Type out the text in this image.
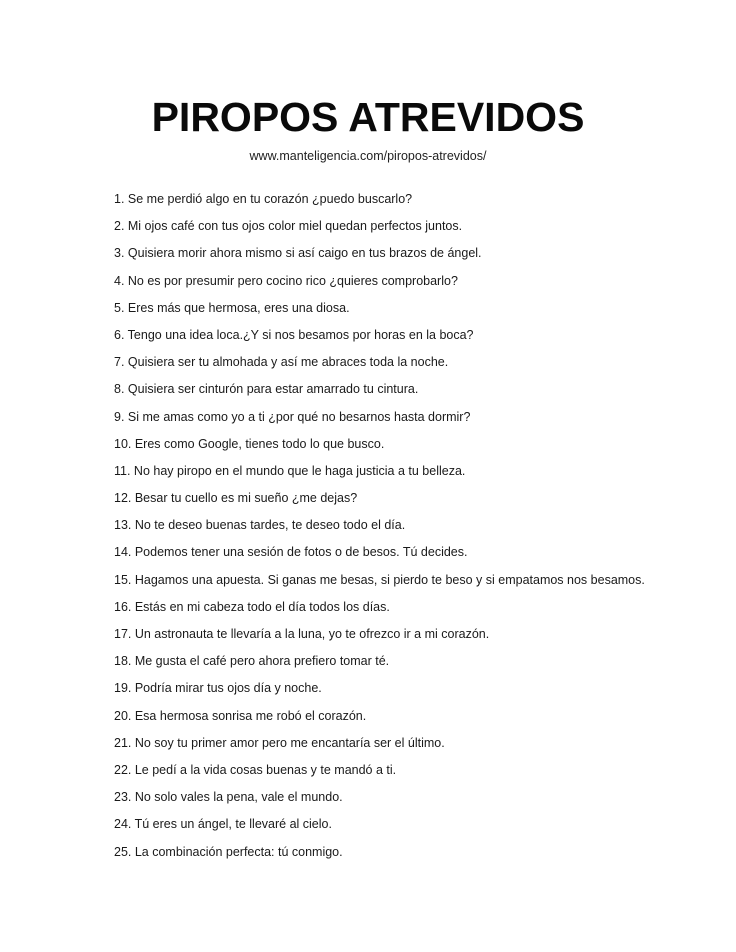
PIROPOS ATREVIDOS
www.manteligencia.com/piropos-atrevidos/
1. Se me perdió algo en tu corazón ¿puedo buscarlo?
2. Mi ojos café con tus ojos color miel quedan perfectos juntos.
3. Quisiera morir ahora mismo si así caigo en tus brazos de ángel.
4. No es por presumir pero cocino rico ¿quieres comprobarlo?
5. Eres más que hermosa, eres una diosa.
6. Tengo una idea loca.¿Y si nos besamos por horas en la boca?
7. Quisiera ser tu almohada y así me abraces toda la noche.
8. Quisiera ser cinturón para estar amarrado tu cintura.
9. Si me amas como yo a ti ¿por qué no besarnos hasta dormir?
10. Eres como Google, tienes todo lo que busco.
11. No hay piropo en el mundo que le haga justicia a tu belleza.
12. Besar tu cuello es mi sueño ¿me dejas?
13. No te deseo buenas tardes, te deseo todo el día.
14. Podemos tener una sesión de fotos o de besos. Tú decides.
15. Hagamos una apuesta. Si ganas me besas, si pierdo te beso y si empatamos nos besamos.
16. Estás en mi cabeza todo el día todos los días.
17. Un astronauta te llevaría a la luna, yo te ofrezco ir a mi corazón.
18. Me gusta el café pero ahora prefiero tomar té.
19. Podría mirar tus ojos día y noche.
20. Esa hermosa sonrisa me robó el corazón.
21. No soy tu primer amor pero me encantaría ser el último.
22. Le pedí a la vida cosas buenas y te mandó a ti.
23. No solo vales la pena, vale el mundo.
24. Tú eres un ángel, te llevaré al cielo.
25. La combinación perfecta: tú conmigo.
